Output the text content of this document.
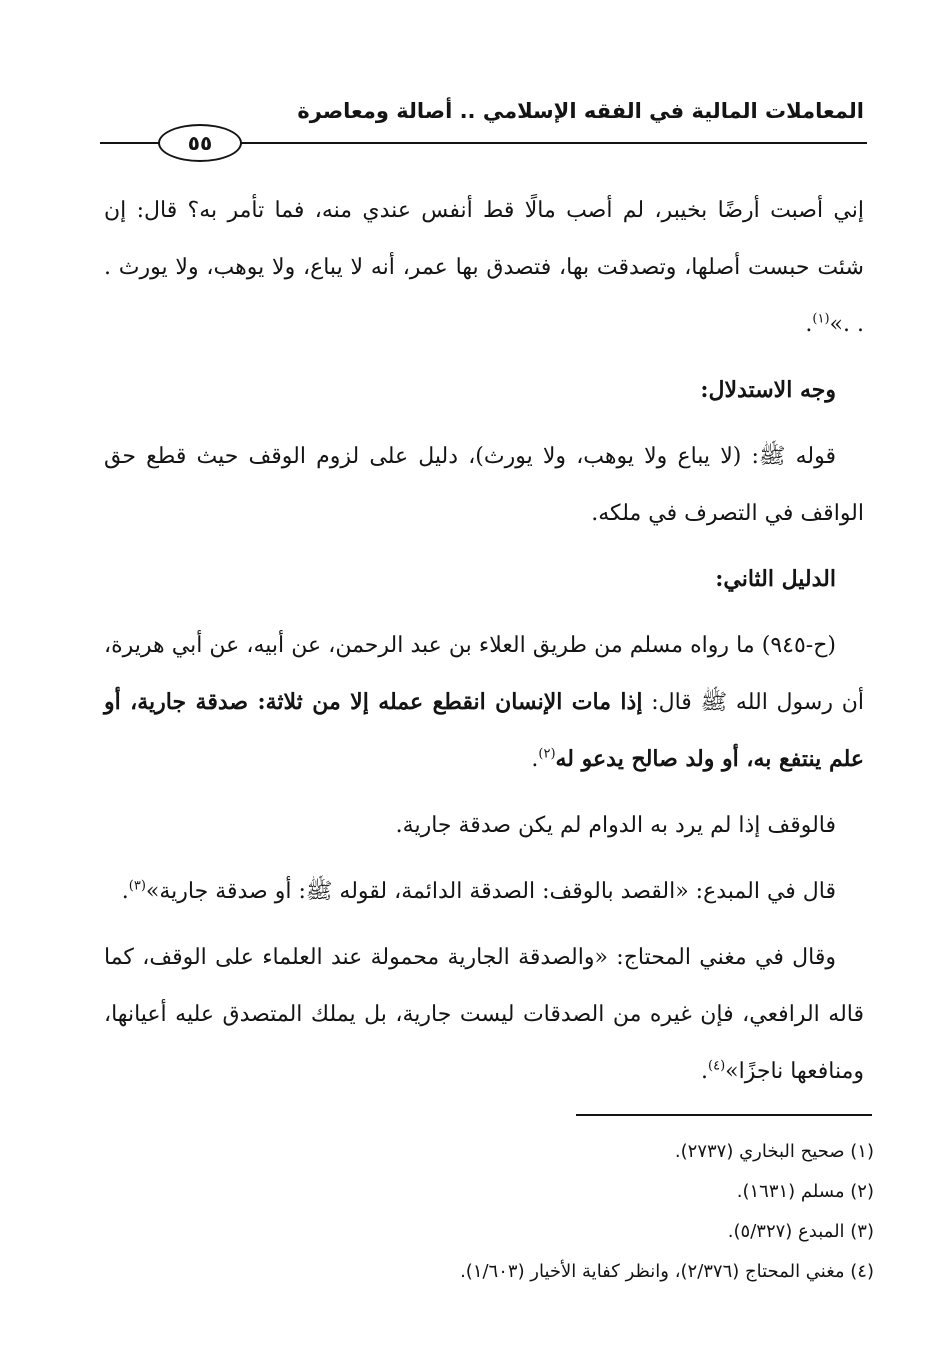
المعاملات المالية في الفقه الإسلامي .. أصالة ومعاصرة
٥٥

إني أصبت أرضًا بخيبر، لم أصب مالًا قط أنفس عندي منه، فما تأمر به؟ قال: إن شئت حبست أصلها، وتصدقت بها، فتصدق بها عمر، أنه لا يباع، ولا يوهب، ولا يورث . . .»$^{(١)}$.

وجه الاستدلال:

قوله ﷺ: (لا يباع ولا يوهب، ولا يورث)، دليل على لزوم الوقف حيث قطع حق الواقف في التصرف في ملكه.

الدليل الثاني:

(ح-٩٤٥) ما رواه مسلم من طريق العلاء بن عبد الرحمن، عن أبيه، عن أبي هريرة، أن رسول الله ﷺ قال: إذا مات الإنسان انقطع عمله إلا من ثلاثة: صدقة جارية، أو علم ينتفع به، أو ولد صالح يدعو له$^{(٢)}$.

فالوقف إذا لم يرد به الدوام لم يكن صدقة جارية.

قال في المبدع: «القصد بالوقف: الصدقة الدائمة، لقوله ﷺ: أو صدقة جارية»$^{(٣)}$.

وقال في مغني المحتاج: «والصدقة الجارية محمولة عند العلماء على الوقف، كما قاله الرافعي، فإن غيره من الصدقات ليست جارية، بل يملك المتصدق عليه أعيانها، ومنافعها ناجزًا»$^{(٤)}$.

(١) صحيح البخاري (٢٧٣٧).
(٢) مسلم (١٦٣١).
(٣) المبدع (٥/٣٢٧).
(٤) مغني المحتاج (٢/٣٧٦)، وانظر كفاية الأخيار (١/٦٠٣).
